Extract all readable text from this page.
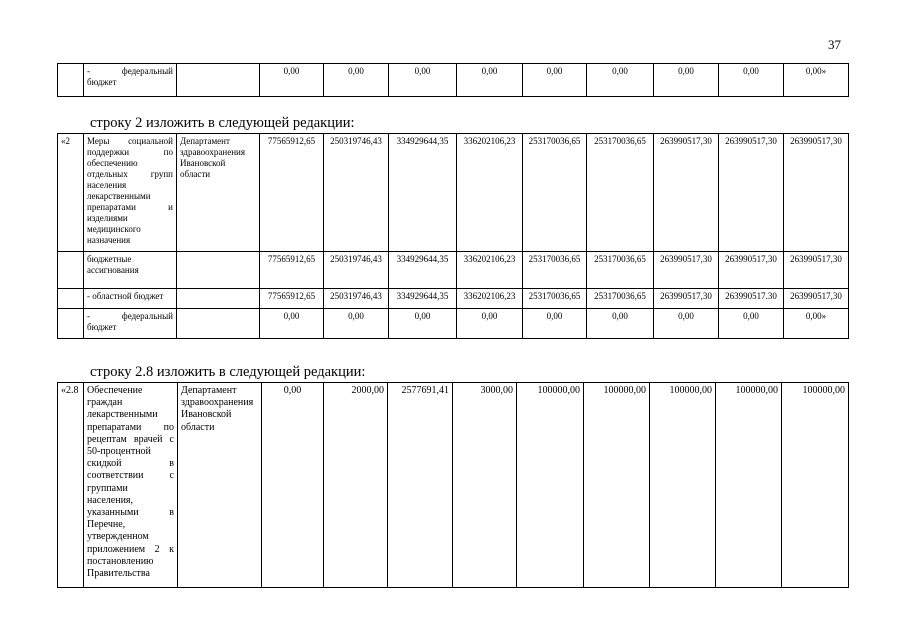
37
	- федеральный бюджет		0,00	0,00	0,00	0,00	0,00	0,00	0,00	0,00	0,00»
строку 2 изложить в следующей редакции:
«2	Меры социальной поддержки по обеспечению отдельных групп населения лекарственными препаратами и изделиями медицинского назначения	Департамент здравоохранения Ивановской области	77565912,65	250319746,43	334929644,35	336202106,23	253170036,65	253170036,65	263990517,30	263990517,30	263990517,30
	бюджетные ассигнования		77565912,65	250319746,43	334929644,35	336202106,23	253170036,65	253170036,65	263990517,30	263990517,30	263990517,30
	- областной бюджет		77565912,65	250319746,43	334929644,35	336202106,23	253170036,65	253170036,65	263990517,30	263990517.30	263990517,30
	- федеральный бюджет		0,00	0,00	0,00	0,00	0,00	0,00	0,00	0,00	0,00»
строку 2.8 изложить в следующей редакции:
«2.8	Обеспечение граждан лекарственными препаратами по рецептам врачей с 50-процентной скидкой в соответствии с группами населения, указанными в Перечне, утвержденном приложением 2 к постановлению Правительства	Департамент здравоохранения Ивановской области	0,00	2000,00	2577691,41	3000,00	100000,00	100000,00	100000,00	100000,00	100000,00
